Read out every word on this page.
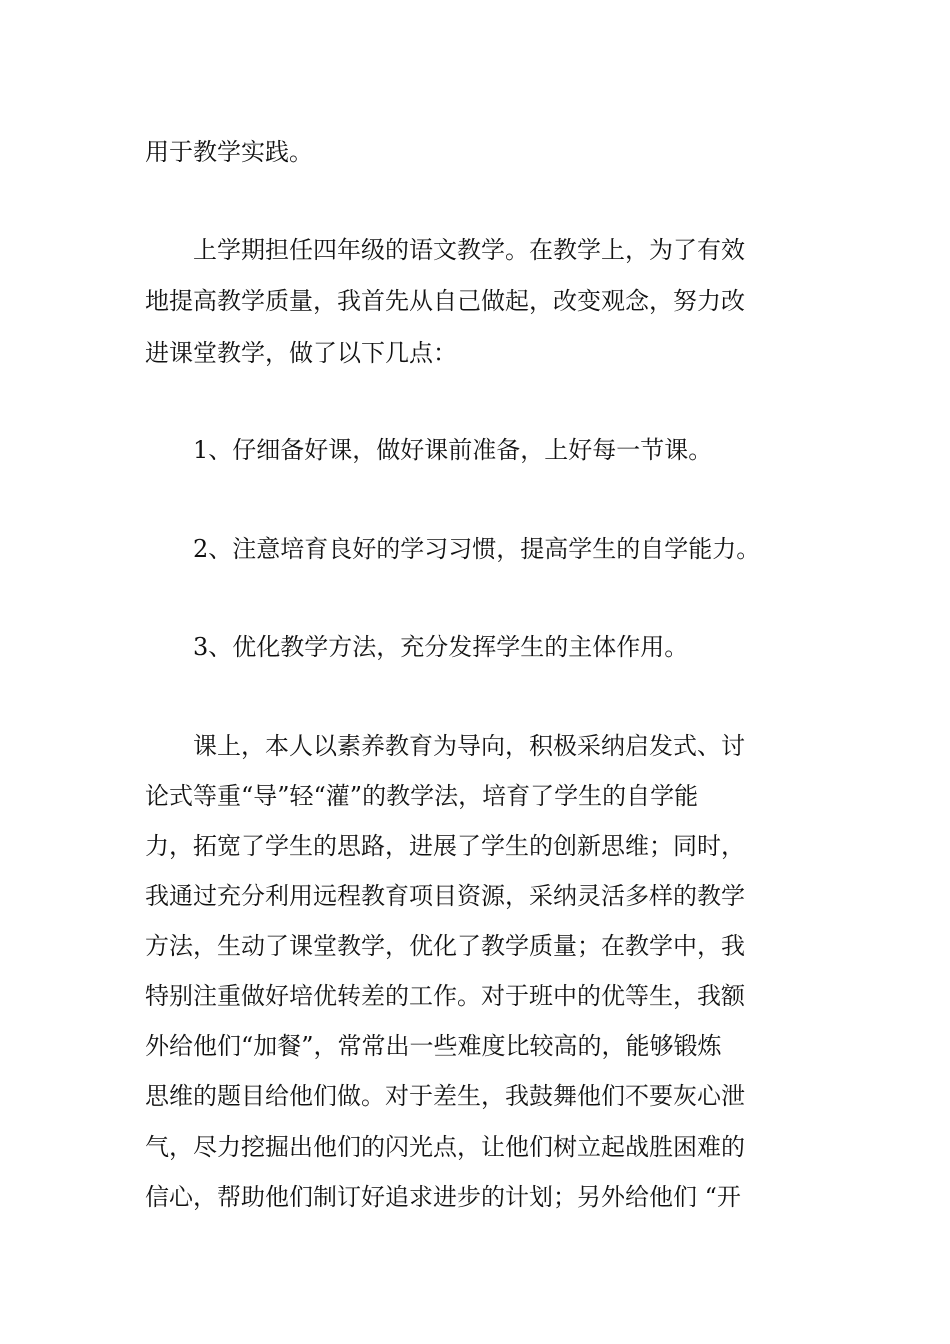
用于教学实践。
上学期担任四年级的语文教学。在教学上，为了有效
地提高教学质量，我首先从自己做起，改变观念，努力改
进课堂教学，做了以下几点：
1、仔细备好课，做好课前准备，上好每一节课。
2、注意培育良好的学习习惯，提高学生的自学能力。
3、优化教学方法，充分发挥学生的主体作用。
课上，本人以素养教育为导向，积极采纳启发式、讨
论式等重“导”轻“灌”的教学法，培育了学生的自学能
力，拓宽了学生的思路，进展了学生的创新思维；同时，
我通过充分利用远程教育项目资源，采纳灵活多样的教学
方法，生动了课堂教学，优化了教学质量；在教学中，我
特别注重做好培优转差的工作。对于班中的优等生，我额
外给他们“加餐”，常常出一些难度比较高的，能够锻炼
思维的题目给他们做。对于差生，我鼓舞他们不要灰心泄
气，尽力挖掘出他们的闪光点，让他们树立起战胜困难的
信心，帮助他们制订好追求进步的计划；另外给他们 “开
